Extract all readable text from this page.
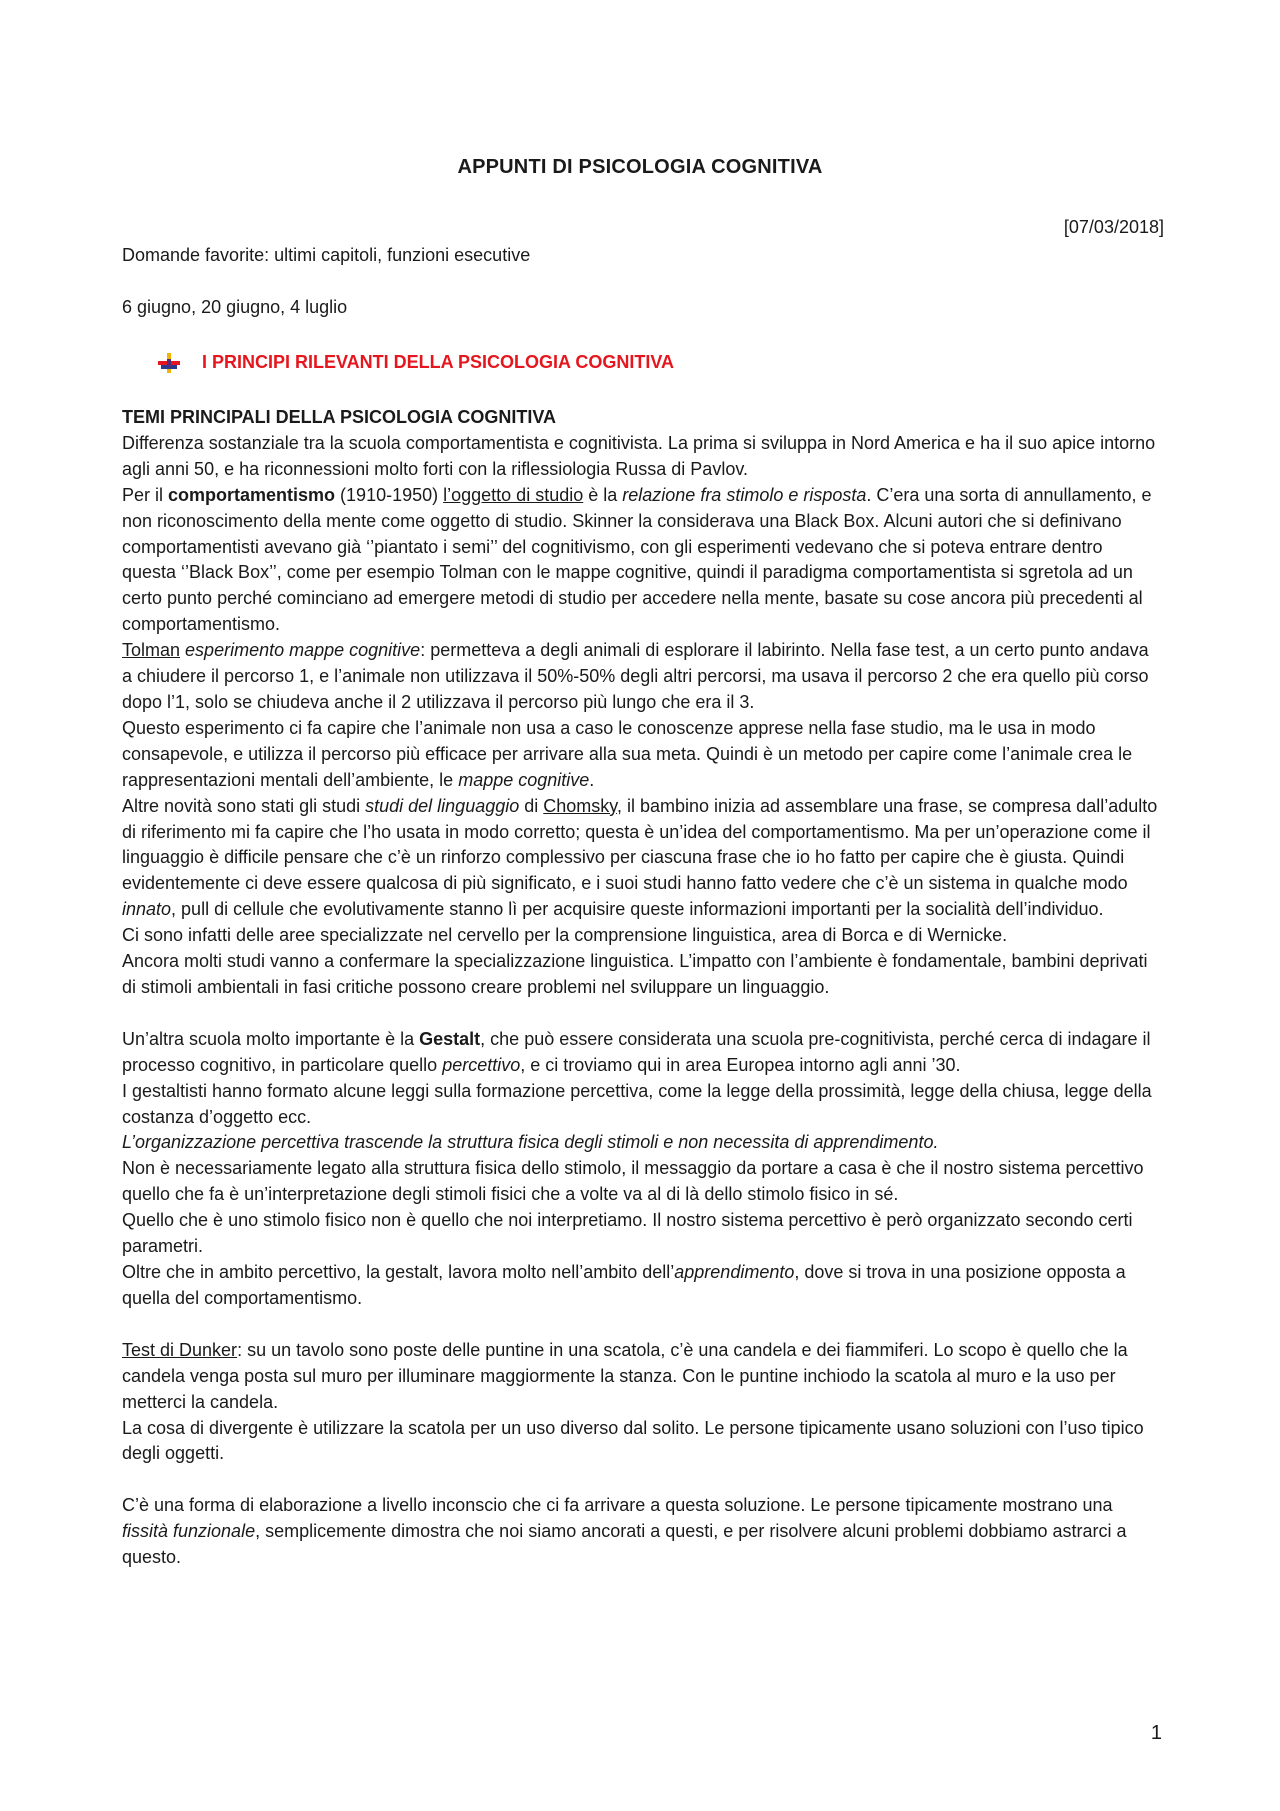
APPUNTI DI PSICOLOGIA COGNITIVA
[07/03/2018]
Domande favorite: ultimi capitoli, funzioni esecutive
6 giugno, 20 giugno, 4 luglio
I PRINCIPI RILEVANTI DELLA PSICOLOGIA COGNITIVA

TEMI PRINCIPALI DELLA PSICOLOGIA COGNITIVA

Differenza sostanziale tra la scuola comportamentista e cognitivista. La prima si sviluppa in Nord America e ha il suo apice intorno agli anni 50, e ha riconnessioni molto forti con la riflessiologia Russa di Pavlov.

Per il comportamentismo (1910-1950) l’oggetto di studio è la relazione fra stimolo e risposta. C’era una sorta di annullamento, e non riconoscimento della mente come oggetto di studio. Skinner la considerava una Black Box. Alcuni autori che si definivano comportamentisti avevano già ‘’piantato i semi’’ del cognitivismo, con gli esperimenti vedevano che si poteva entrare dentro questa ‘’Black Box’’, come per esempio Tolman con le mappe cognitive, quindi il paradigma comportamentista si sgretola ad un certo punto perché cominciano ad emergere metodi di studio per accedere nella mente, basate su cose ancora più precedenti al comportamentismo.

Tolman esperimento mappe cognitive: permetteva a degli animali di esplorare il labirinto. Nella fase test, a un certo punto andava a chiudere il percorso 1, e l’animale non utilizzava il 50%-50% degli altri percorsi, ma usava il percorso 2 che era quello più corso dopo l’1, solo se chiudeva anche il 2 utilizzava il percorso più lungo che era il 3.

Questo esperimento ci fa capire che l’animale non usa a caso le conoscenze apprese nella fase studio, ma le usa in modo consapevole, e utilizza il percorso più efficace per arrivare alla sua meta. Quindi è un metodo per capire come l’animale crea le rappresentazioni mentali dell’ambiente, le mappe cognitive.

Altre novità sono stati gli studi studi del linguaggio di Chomsky, il bambino inizia ad assemblare una frase, se compresa dall’adulto di riferimento mi fa capire che l’ho usata in modo corretto; questa è un’idea del comportamentismo. Ma per un’operazione come il linguaggio è difficile pensare che c’è un rinforzo complessivo per ciascuna frase che io ho fatto per capire che è giusta. Quindi evidentemente ci deve essere qualcosa di più significato, e i suoi studi hanno fatto vedere che c’è un sistema in qualche modo innato, pull di cellule che evolutivamente stanno lì per acquisire queste informazioni importanti per la socialità dell’individuo.

Ci sono infatti delle aree specializzate nel cervello per la comprensione linguistica, area di Borca e di Wernicke.

Ancora molti studi vanno a confermare la specializzazione linguistica. L’impatto con l’ambiente è fondamentale, bambini deprivati di stimoli ambientali in fasi critiche possono creare problemi nel sviluppare un linguaggio.

Un’altra scuola molto importante è la Gestalt, che può essere considerata una scuola pre-cognitivista, perché cerca di indagare il processo cognitivo, in particolare quello percettivo, e ci troviamo qui in area Europea intorno agli anni ’30.

I gestaltisti hanno formato alcune leggi sulla formazione percettiva, come la legge della prossimità, legge della chiusa, legge della costanza d’oggetto ecc.

L’organizzazione percettiva trascende la struttura fisica degli stimoli e non necessita di apprendimento.

Non è necessariamente legato alla struttura fisica dello stimolo, il messaggio da portare a casa è che il nostro sistema percettivo quello che fa è un’interpretazione degli stimoli fisici che a volte va al di là dello stimolo fisico in sé.

Quello che è uno stimolo fisico non è quello che noi interpretiamo. Il nostro sistema percettivo è però organizzato secondo certi parametri.

Oltre che in ambito percettivo, la gestalt, lavora molto nell’ambito dell’apprendimento, dove si trova in una posizione opposta a quella del comportamentismo.

Test di Dunker: su un tavolo sono poste delle puntine in una scatola, c’è una candela e dei fiammiferi. Lo scopo è quello che la candela venga posta sul muro per illuminare maggiormente la stanza. Con le puntine inchiodo la scatola al muro e la uso per metterci la candela.

La cosa di divergente è utilizzare la scatola per un uso diverso dal solito. Le persone tipicamente usano soluzioni con l’uso tipico degli oggetti.

C’è una forma di elaborazione a livello inconscio che ci fa arrivare a questa soluzione. Le persone tipicamente mostrano una fissità funzionale, semplicemente dimostra che noi siamo ancorati a questi, e per risolvere alcuni problemi dobbiamo astrarci a questo.

1
